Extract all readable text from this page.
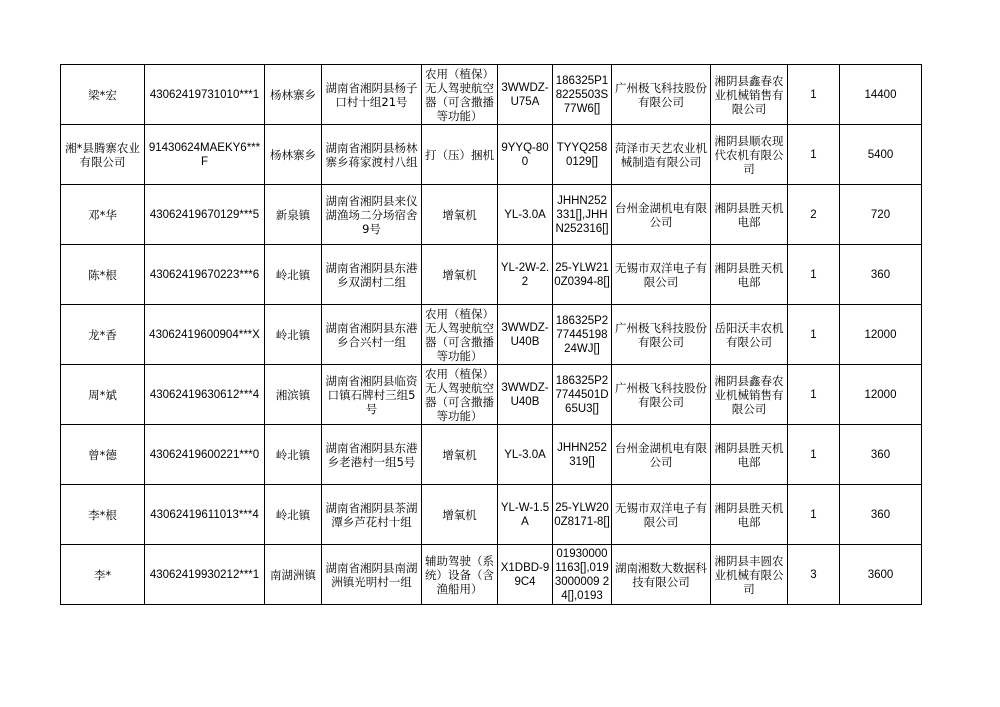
梁*宏	43062419731010***1	杨林寨乡	湖南省湘阴县杨子口村十组21号	农用（植保）无人驾驶航空器（可含撒播等功能）	3WWDZ-U75A	186325P18225503S77W6[]	广州极飞科技股份有限公司	湘阴县鑫春农业机械销售有限公司	1	14400
湘*县腾寨农业有限公司	91430624MAEKY6***F	杨林寨乡	湖南省湘阴县杨林寨乡蒋家渡村八组	打（压）捆机	9YYQ-800	TYYQ2580129[]	菏泽市天艺农业机械制造有限公司	湘阴县顺农现代农机有限公司	1	5400
邓*华	43062419670129***5	新泉镇	湖南省湘阴县来仪湖渔场二分场宿舍9号	增氧机	YL-3.0A	JHHN252331[],JHHN252316[]	台州金湖机电有限公司	湘阴县胜天机电部	2	720
陈*根	43062419670223***6	岭北镇	湖南省湘阴县东港乡双湖村二组	增氧机	YL-2W-2.2	25-YLW210Z0394-8[]	无锡市双洋电子有限公司	湘阴县胜天机电部	1	360
龙*香	43062419600904***X	岭北镇	湖南省湘阴县东港乡合兴村一组	农用（植保）无人驾驶航空器（可含撒播等功能）	3WWDZ-U40B	186325P27744519824WJ[]	广州极飞科技股份有限公司	岳阳沃丰农机有限公司	1	12000
周*斌	43062419630612***4	湘滨镇	湖南省湘阴县临资口镇石牌村三组5号	农用（植保）无人驾驶航空器（可含撒播等功能）	3WWDZ-U40B	186325P27744501D65U3[]	广州极飞科技股份有限公司	湘阴县鑫春农业机械销售有限公司	1	12000
曾*德	43062419600221***0	岭北镇	湖南省湘阴县东港乡老港村一组5号	增氧机	YL-3.0A	JHHN252319[]	台州金湖机电有限公司	湘阴县胜天机电部	1	360
李*根	43062419611013***4	岭北镇	湖南省湘阴县茶湖潭乡芦花村十组	增氧机	YL-W-1.5A	25-YLW200Z8171-8[]	无锡市双洋电子有限公司	湘阴县胜天机电部	1	360
李*	43062419930212***1	南湖洲镇	湖南省湘阴县南湖洲镇光明村一组	辅助驾驶（系统）设备（含渔船用）	X1DBD-99C4	019300001163[],0193000009 24[],0193	湖南湘数大数据科技有限公司	湘阴县丰圆农业机械有限公司	3	3600
